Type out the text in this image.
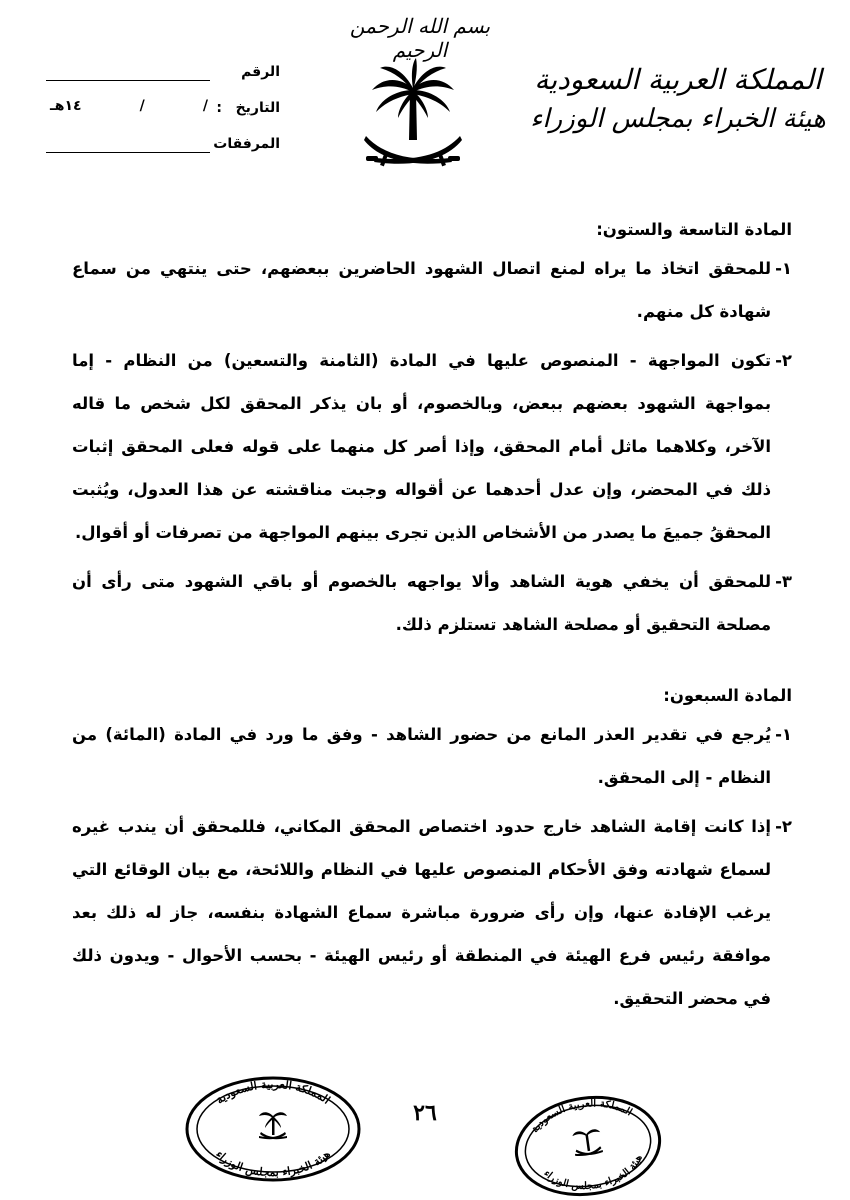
بسم الله الرحمن الرحيم
المملكة العربية السعودية
هيئة الخبراء بمجلس الوزراء
الرقم
التاريخ
:
/
/
١٤هـ
المرفقات
المادة التاسعة والستون:
١-
للمحقق اتخاذ ما يراه لمنع اتصال الشهود الحاضرين ببعضهم، حتى ينتهي من سماع شهادة كل منهم.
٢-
تكون المواجهة - المنصوص عليها في المادة (الثامنة والتسعين) من النظام - إما بمواجهة الشهود بعضهم ببعض، وبالخصوم، أو بان يذكر المحقق لكل شخص ما قاله الآخر، وكلاهما ماثل أمام المحقق، وإذا أصر كل منهما على قوله فعلى المحقق إثبات ذلك في المحضر، وإن عدل أحدهما عن أقواله وجبت مناقشته عن هذا العدول، ويُثبت المحققُ جميعَ ما يصدر من الأشخاص الذين تجرى بينهم المواجهة من تصرفات أو أقوال.
٣-
للمحقق أن يخفي هوية الشاهد وألا يواجهه بالخصوم أو باقي الشهود متى رأى أن مصلحة التحقيق أو مصلحة الشاهد تستلزم ذلك.
المادة السبعون:
١-
يُرجع في تقدير العذر المانع من حضور الشاهد - وفق ما ورد في المادة (المائة) من النظام - إلى المحقق.
٢-
إذا كانت إقامة الشاهد خارج حدود اختصاص المحقق المكاني، فللمحقق أن يندب غيره لسماع شهادته وفق الأحكام المنصوص عليها في النظام واللائحة، مع بيان الوقائع التي يرغب الإفادة عنها، وإن رأى ضرورة مباشرة سماع الشهادة بنفسه، جاز له ذلك بعد موافقة رئيس فرع الهيئة في المنطقة أو رئيس الهيئة - بحسب الأحوال - ويدون ذلك في محضر التحقيق.
٢٦
المملكة العربية السعودية
هيئة الخبراء بمجلس الوزراء
المملكة العربية السعودية
هيئة الخبراء بمجلس الوزراء
